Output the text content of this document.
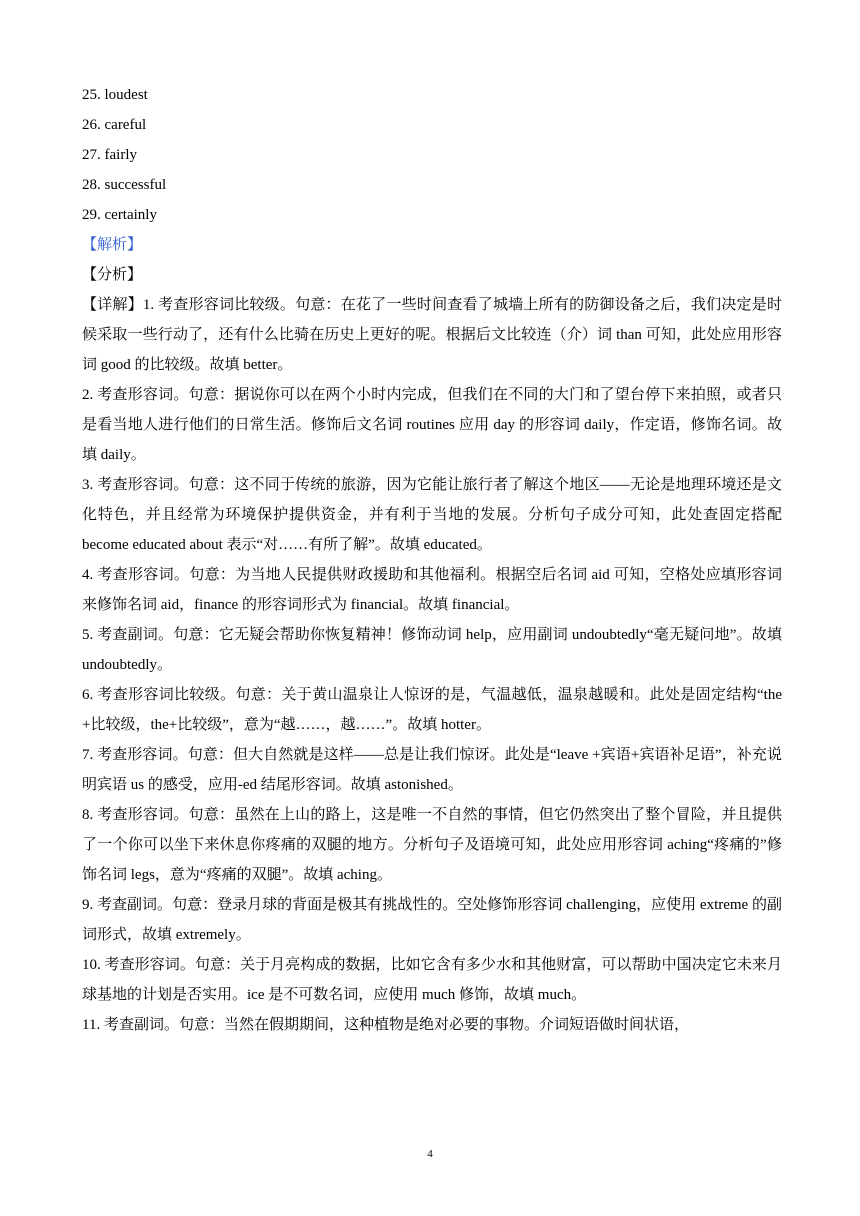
25. loudest
26. careful
27. fairly
28. successful
29. certainly
【解析】
【分析】
【详解】1. 考查形容词比较级。句意：在花了一些时间查看了城墙上所有的防御设备之后，我们决定是时候采取一些行动了，还有什么比骑在历史上更好的呢。根据后文比较连（介）词 than 可知，此处应用形容词 good 的比较级。故填 better。
2. 考查形容词。句意：据说你可以在两个小时内完成，但我们在不同的大门和了望台停下来拍照，或者只是看当地人进行他们的日常生活。修饰后文名词 routines 应用 day 的形容词 daily，作定语，修饰名词。故填 daily。
3. 考查形容词。句意：这不同于传统的旅游，因为它能让旅行者了解这个地区——无论是地理环境还是文化特色，并且经常为环境保护提供资金，并有利于当地的发展。分析句子成分可知，此处查固定搭配 become educated about 表示“对……有所了解”。故填 educated。
4. 考查形容词。句意：为当地人民提供财政援助和其他福利。根据空后名词 aid 可知，空格处应填形容词来修饰名词 aid，finance 的形容词形式为 financial。故填 financial。
5. 考查副词。句意：它无疑会帮助你恢复精神！修饰动词 help，应用副词 undoubtedly“毫无疑问地”。故填 undoubtedly。
6. 考查形容词比较级。句意：关于黄山温泉让人惊讶的是，气温越低，温泉越暖和。此处是固定结构“the +比较级，the+比较级”，意为“越……，越……”。故填 hotter。
7. 考查形容词。句意：但大自然就是这样——总是让我们惊讶。此处是“leave +宾语+宾语补足语”，补充说明宾语 us 的感受，应用-ed 结尾形容词。故填 astonished。
8. 考查形容词。句意：虽然在上山的路上，这是唯一不自然的事情，但它仍然突出了整个冒险，并且提供了一个你可以坐下来休息你疼痛的双腿的地方。分析句子及语境可知，此处应用形容词 aching“疼痛的”修饰名词 legs，意为“疼痛的双腿”。故填 aching。
9. 考查副词。句意：登录月球的背面是极其有挑战性的。空处修饰形容词 challenging，应使用 extreme 的副词形式，故填 extremely。
10. 考查形容词。句意：关于月亮构成的数据，比如它含有多少水和其他财富，可以帮助中国决定它未来月球基地的计划是否实用。ice 是不可数名词，应使用 much 修饰，故填 much。
11. 考查副词。句意：当然在假期期间，这种植物是绝对必要的事物。介词短语做时间状语，
4
